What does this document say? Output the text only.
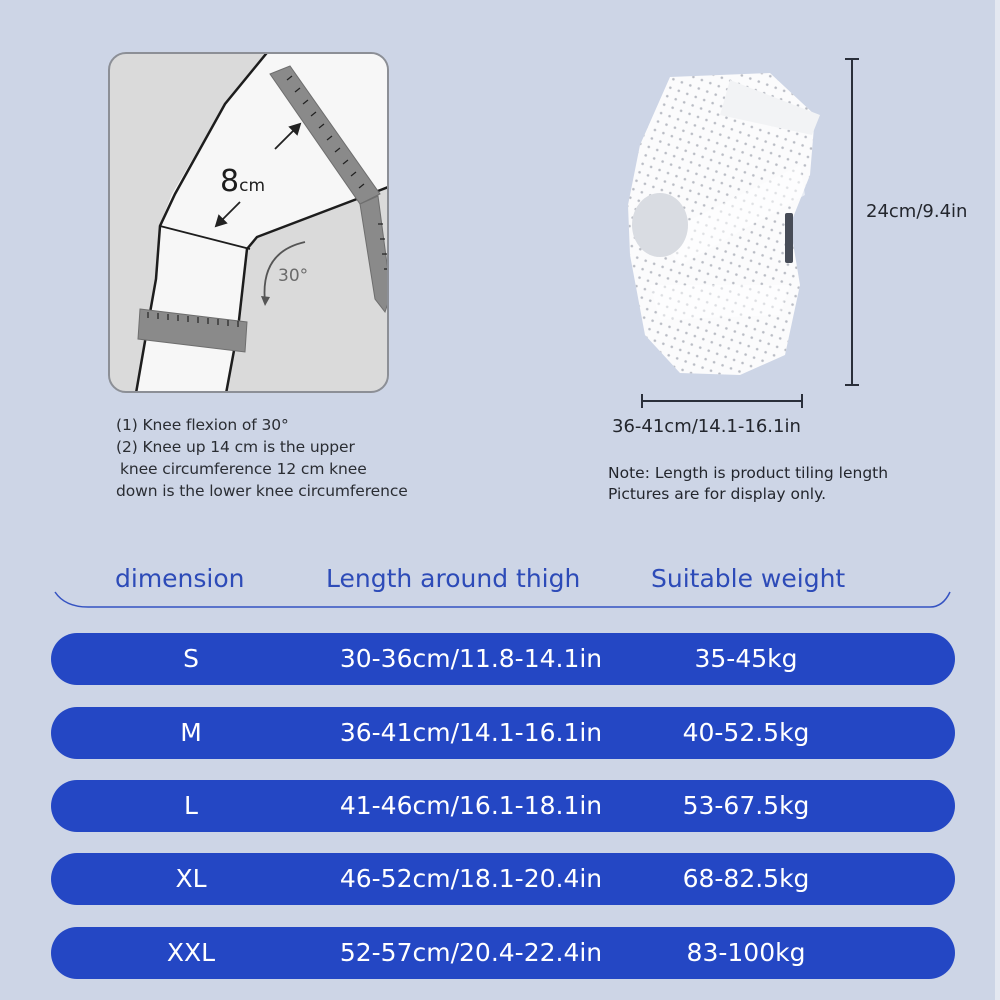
8cm
30°
(1) Knee flexion of 30°
(2) Knee up 14 cm is the upper
knee circumference 12 cm knee
down is the lower knee circumference
24cm/9.4in
36-41cm/14.1-16.1in
Note: Length is product tiling length
Pictures are for display only.
dimension	Length around thigh	Suitable weight
S	30-36cm/11.8-14.1in	35-45kg
M	36-41cm/14.1-16.1in	40-52.5kg
L	41-46cm/16.1-18.1in	53-67.5kg
XL	46-52cm/18.1-20.4in	68-82.5kg
XXL	52-57cm/20.4-22.4in	83-100kg
